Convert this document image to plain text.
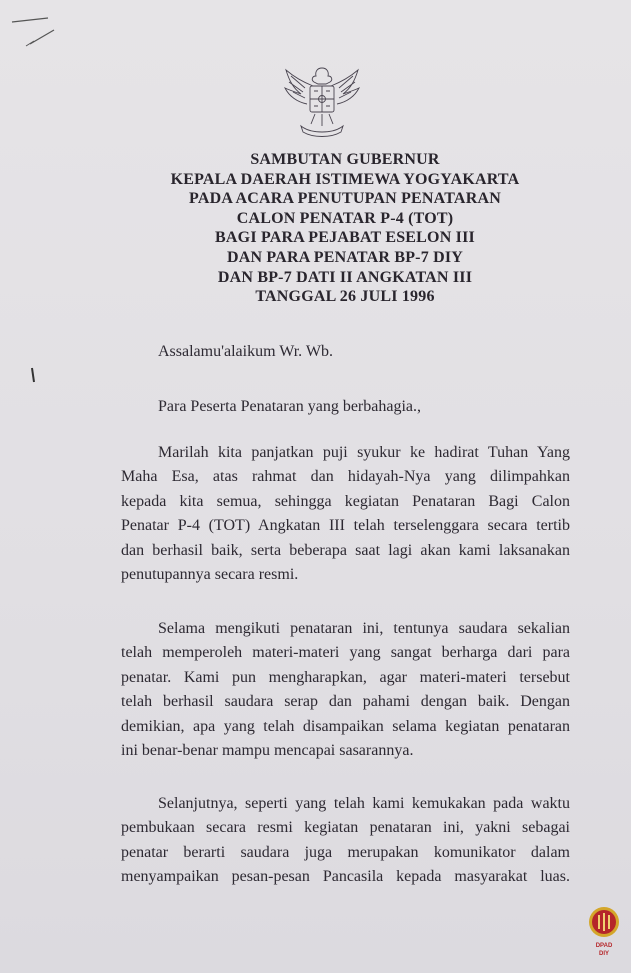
SAMBUTAN GUBERNUR
KEPALA DAERAH ISTIMEWA YOGYAKARTA
PADA ACARA PENUTUPAN PENATARAN
CALON PENATAR P-4 (TOT)
BAGI PARA PEJABAT ESELON III
DAN PARA PENATAR BP-7 DIY
DAN BP-7 DATI II ANGKATAN III
TANGGAL 26 JULI 1996
Assalamu'alaikum Wr. Wb.
Para Peserta Penataran yang berbahagia.,
Marilah kita panjatkan puji syukur ke hadirat Tuhan Yang
Maha Esa, atas rahmat dan hidayah-Nya yang dilimpahkan
kepada kita semua, sehingga kegiatan Penataran Bagi Calon
Penatar P-4 (TOT) Angkatan III telah terselenggara secara tertib
dan berhasil baik, serta beberapa saat lagi akan kami laksanakan
penutupannya secara resmi.
Selama mengikuti penataran ini, tentunya saudara sekalian
telah memperoleh materi-materi yang sangat berharga dari para
penatar. Kami pun mengharapkan, agar materi-materi tersebut
telah berhasil saudara serap dan pahami dengan baik. Dengan
demikian, apa yang telah disampaikan selama kegiatan penataran
ini benar-benar mampu mencapai sasarannya.
Selanjutnya, seperti yang telah kami kemukakan pada waktu
pembukaan secara resmi kegiatan penataran ini, yakni sebagai
penatar berarti saudara juga merupakan komunikator dalam
menyampaikan pesan-pesan Pancasila kepada masyarakat luas.
DPAD
DIY
